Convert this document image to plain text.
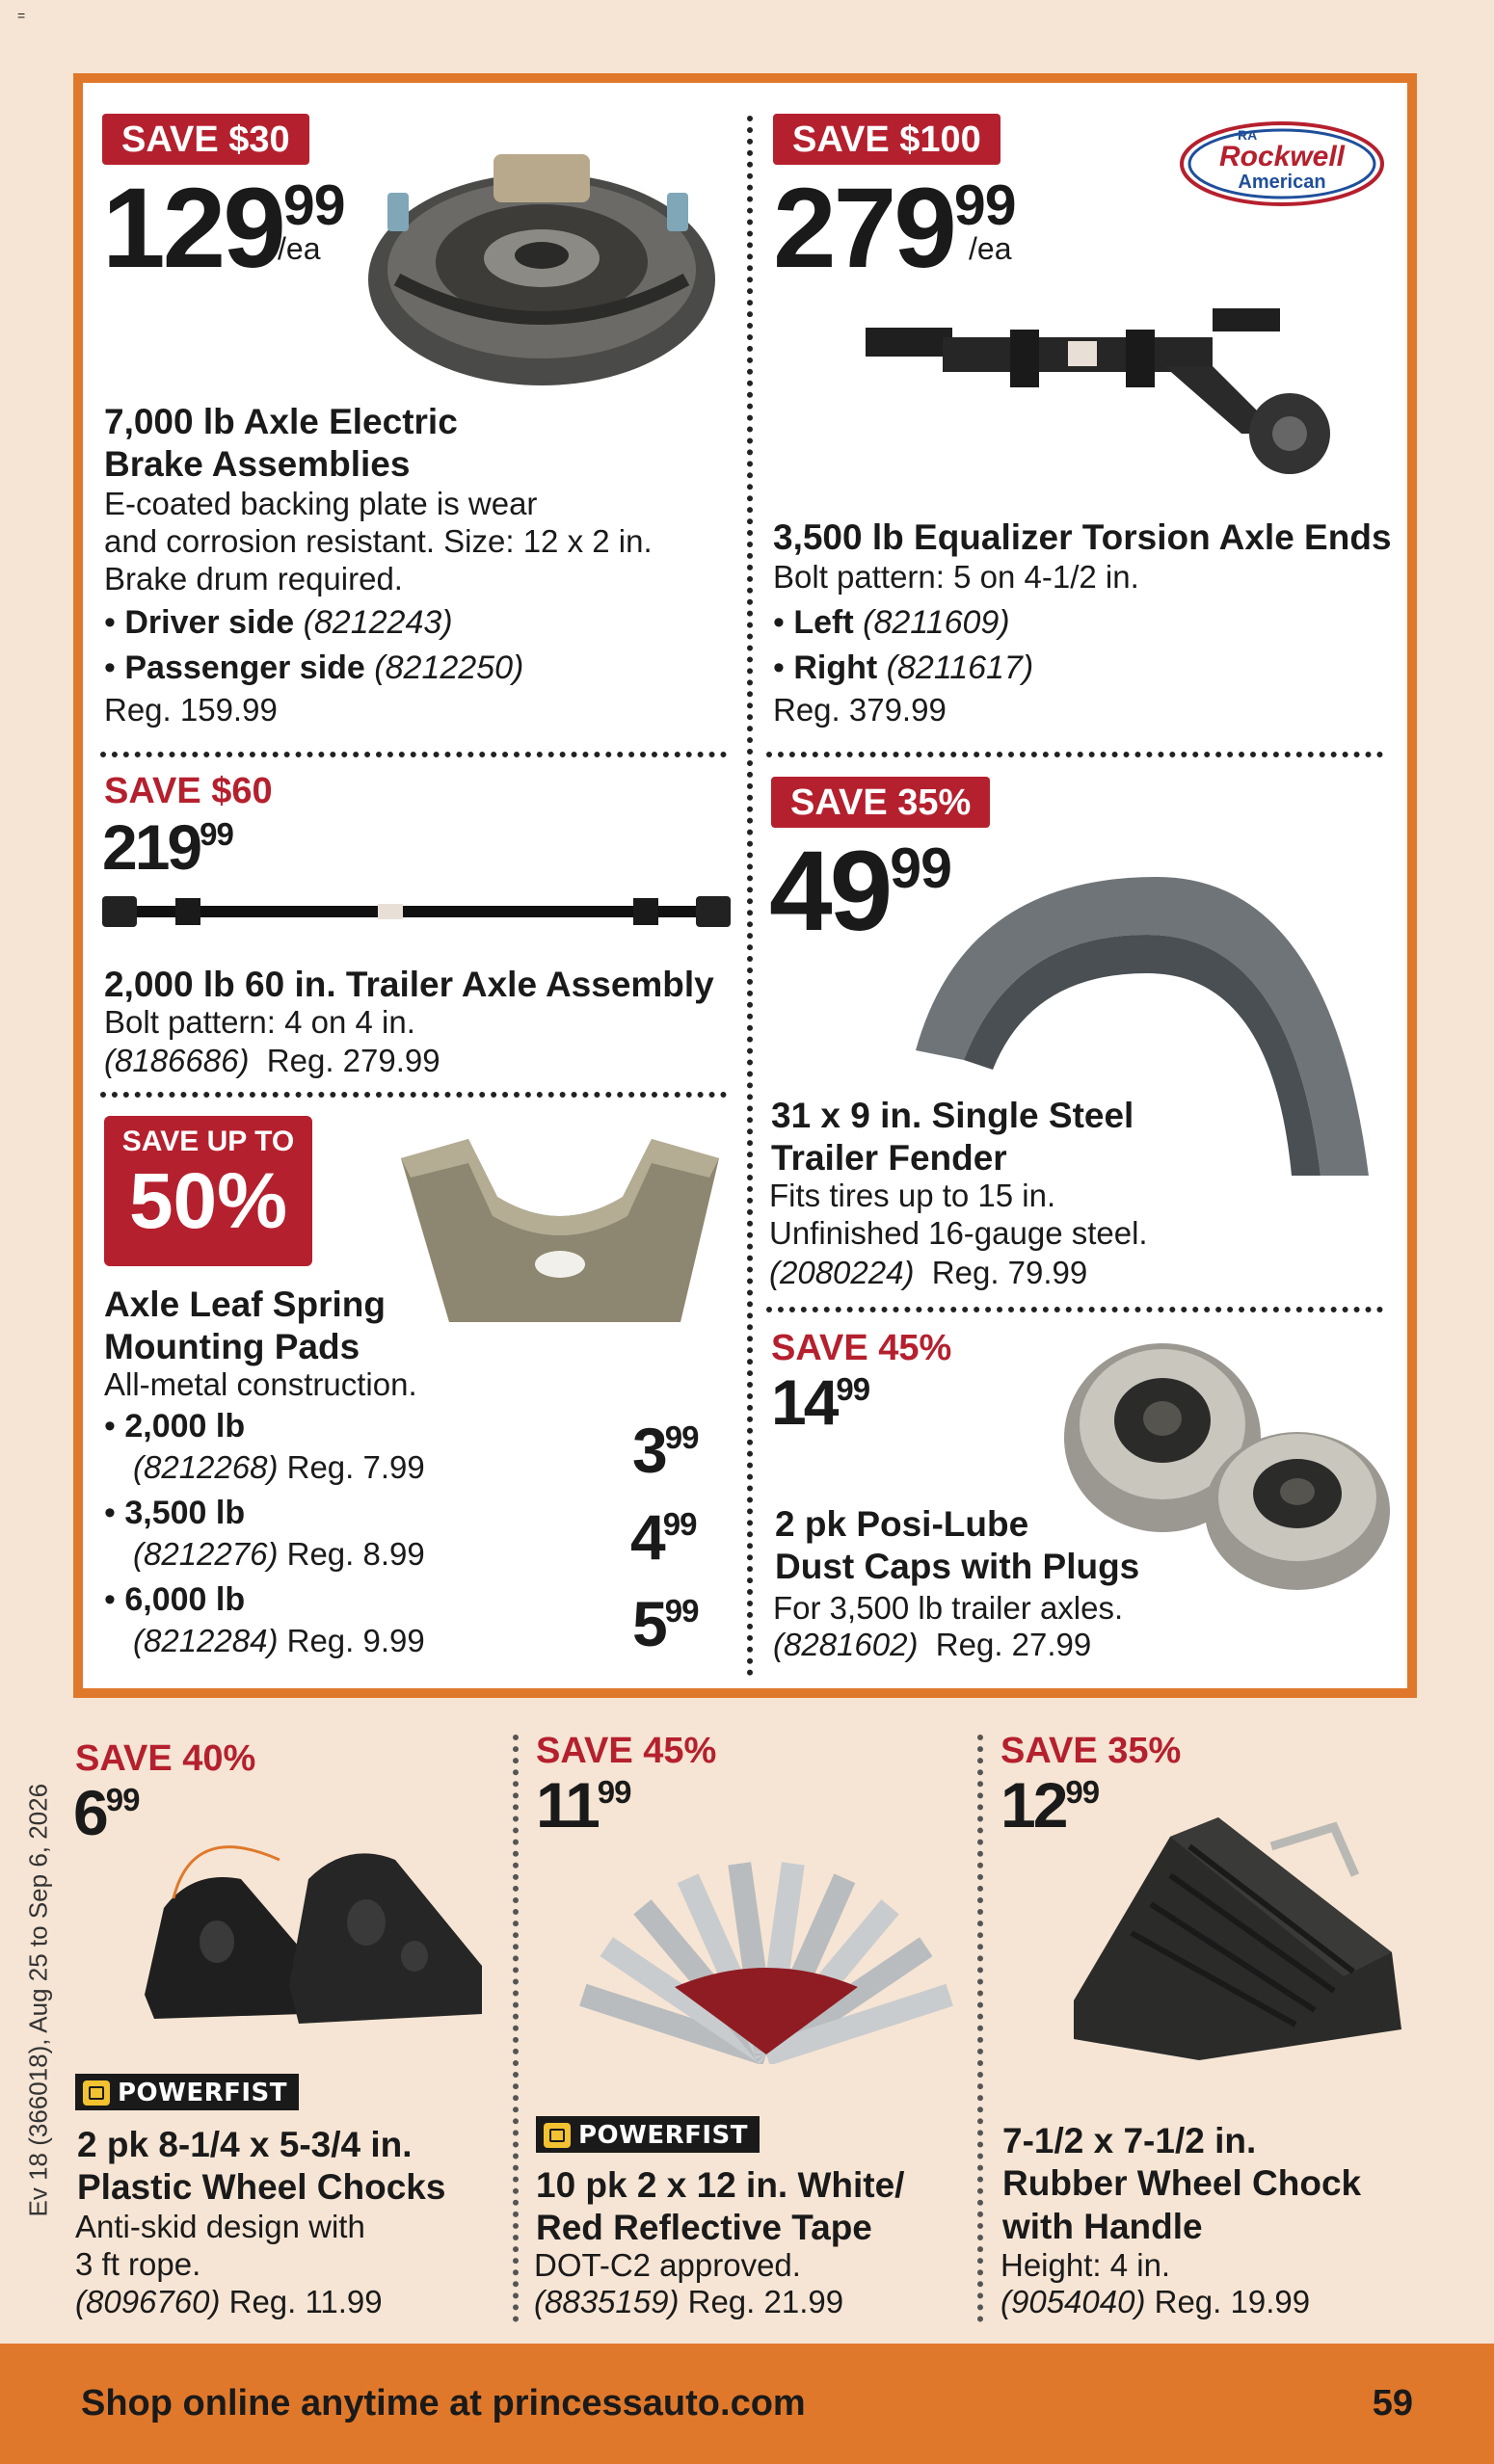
=
SAVE $30
$129^{99}$
/ea
7,000 lb Axle Electric
Brake Assemblies
E-coated backing plate is wear
and corrosion resistant. Size: 12 x 2 in.
Brake drum required.
• Driver side (8212243)
• Passenger side (8212250)
Reg. 159.99
SAVE $100
$279^{99}$
/ea
RA
Rockwell
American
3,500 lb Equalizer Torsion Axle Ends
Bolt pattern: 5 on 4-1/2 in.
• Left (8211609)
• Right (8211617)
Reg. 379.99
SAVE $60
$219^{99}$
2,000 lb 60 in. Trailer Axle Assembly
Bolt pattern: 4 on 4 in.
(8186686) Reg. 279.99
SAVE 35%
$49^{99}$
31 x 9 in. Single Steel
Trailer Fender
Fits tires up to 15 in.
Unfinished 16-gauge steel.
(2080224) Reg. 79.99
SAVE UP TO
50%
Axle Leaf Spring
Mounting Pads
All-metal construction.
• 2,000 lb
(8212268) Reg. 7.99	$3^{99}$
• 3,500 lb
(8212276) Reg. 8.99	$4^{99}$
• 6,000 lb
(8212284) Reg. 9.99	$5^{99}$
SAVE 45%
$14^{99}$
2 pk Posi-Lube
Dust Caps with Plugs
For 3,500 lb trailer axles.
(8281602) Reg. 27.99
SAVE 40%
$6^{99}$
POWERFIST
2 pk 8-1/4 x 5-3/4 in.
Plastic Wheel Chocks
Anti-skid design with
3 ft rope.
(8096760) Reg. 11.99
SAVE 45%
$11^{99}$
POWERFIST
10 pk 2 x 12 in. White/
Red Reflective Tape
DOT-C2 approved.
(8835159) Reg. 21.99
SAVE 35%
$12^{99}$
7-1/2 x 7-1/2 in.
Rubber Wheel Chock
with Handle
Height: 4 in.
(9054040) Reg. 19.99
Ev 18 (366018), Aug 25 to Sep 6, 2026
Shop online anytime at princessauto.com	59
